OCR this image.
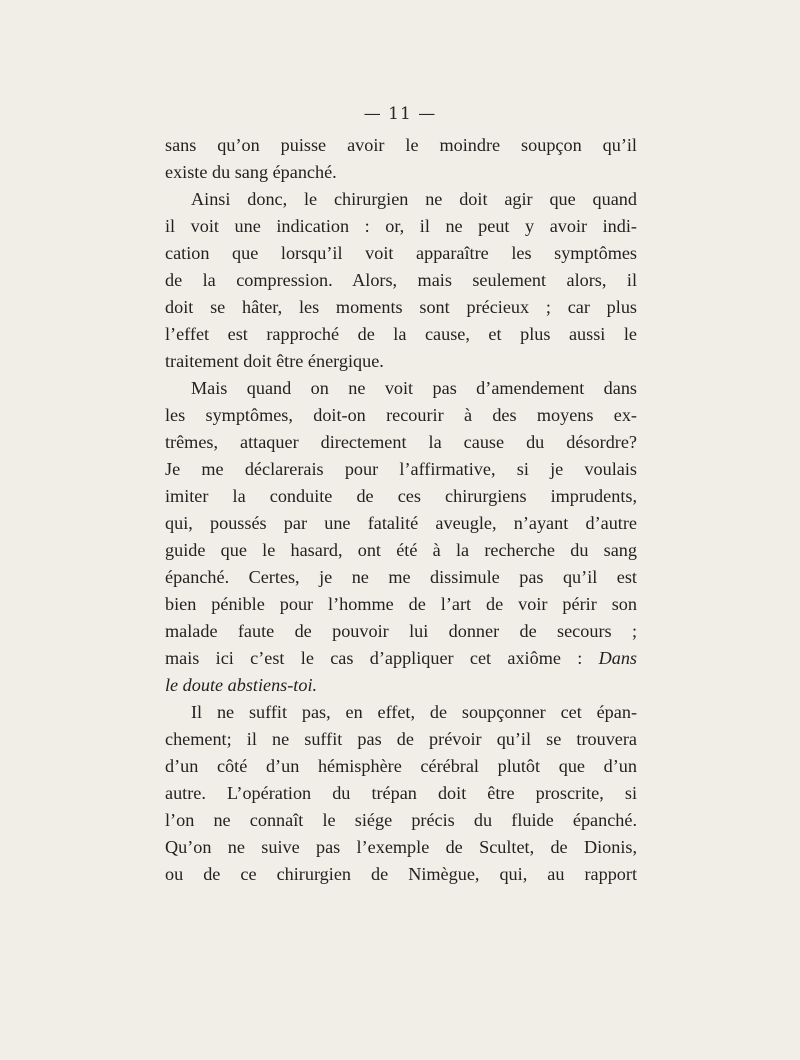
— 11 —
sans qu’on puisse avoir le moindre soupçon qu’il
existe du sang épanché.
Ainsi donc, le chirurgien ne doit agir que quand
il voit une indication : or, il ne peut y avoir indi-
cation que lorsqu’il voit apparaître les symptômes
de la compression. Alors, mais seulement alors, il
doit se hâter, les moments sont précieux ; car plus
l’effet est rapproché de la cause, et plus aussi le
traitement doit être énergique.
Mais quand on ne voit pas d’amendement dans
les symptômes, doit-on recourir à des moyens ex-
trêmes, attaquer directement la cause du désordre?
Je me déclarerais pour l’affirmative, si je voulais
imiter la conduite de ces chirurgiens imprudents,
qui, poussés par une fatalité aveugle, n’ayant d’autre
guide que le hasard, ont été à la recherche du sang
épanché. Certes, je ne me dissimule pas qu’il est
bien pénible pour l’homme de l’art de voir périr son
malade faute de pouvoir lui donner de secours ;
mais ici c’est le cas d’appliquer cet axiôme : Dans
le doute abstiens-toi.
Il ne suffit pas, en effet, de soupçonner cet épan-
chement; il ne suffit pas de prévoir qu’il se trouvera
d’un côté d’un hémisphère cérébral plutôt que d’un
autre. L’opération du trépan doit être proscrite, si
l’on ne connaît le siége précis du fluide épanché.
Qu’on ne suive pas l’exemple de Scultet, de Dionis,
ou de ce chirurgien de Nimègue, qui, au rapport
